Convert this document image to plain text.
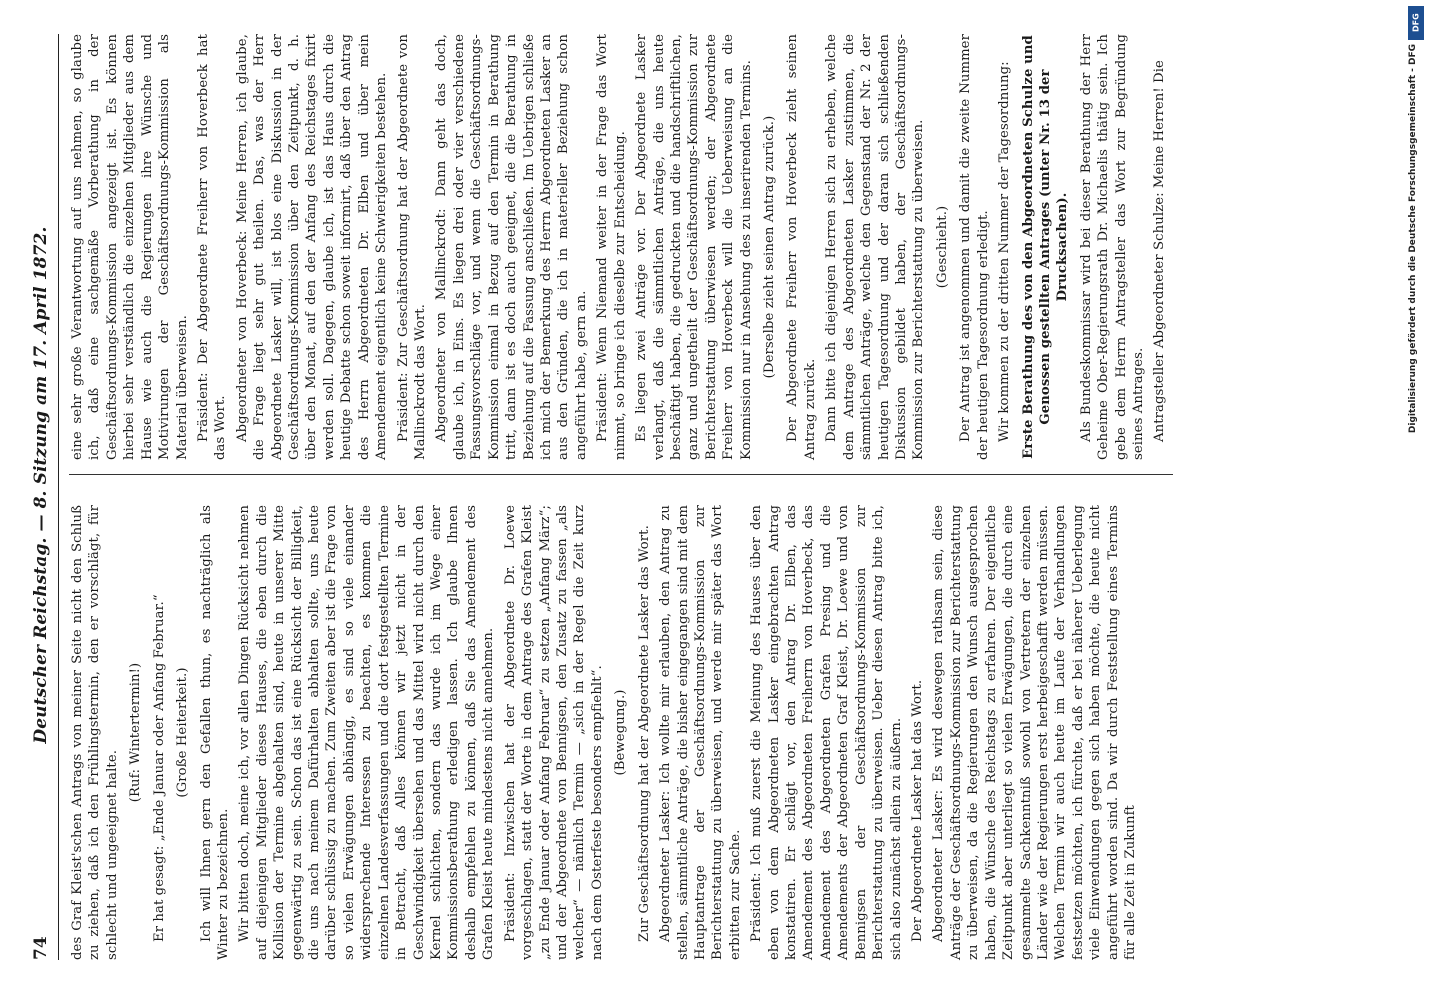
74
Deutscher Reichstag. — 8. Sitzung am 17. April 1872. des Graf Kleist'schen Antrags von meiner Seite nicht den Schluß zu ziehen, daß ich den Frühlingstermin, den er vorschlägt, für schlecht und ungeeignet halte.

(Ruf: Wintertermin!) Er hat gesagt: „Ende Januar oder Anfang Februar.“ (Große Heiterkeit.) Ich will Ihnen gern den Gefallen thun, es nachträglich als Winter zu bezeichnen. Wir bitten doch, meine ich, vor allen Dingen Rücksicht nehmen auf diejenigen Mitglieder dieses Hauses, die eben durch die Kollision der Termine abgehalten sind, heute in unserer Mitte gegenwärtig zu sein. Schon das ist eine Rücksicht der Billigkeit, die uns nach meinem Dafürhalten abhalten sollte, uns heute darüber schlüssig zu machen. Zum Zweiten aber ist die Frage von so vielen Erwägungen abhängig, es sind so viele einander widersprechende Interessen zu beachten, es kommen die einzelnen Landesverfassungen und die dort festgestellten Termine in Betracht, daß Alles können wir jetzt nicht in der Geschwindigkeit übersehen und das Mittel wird nicht durch den Kernel schlichten, sondern das wurde ich im Wege einer Kommissionsberathung erledigen lassen. Ich glaube Ihnen deshalb empfehlen zu können, daß Sie das Amendement des Grafen Kleist heute mindestens nicht annehmen. Präsident: Inzwischen hat der Abgeordnete Dr. Loewe vorgeschlagen, statt der Worte in dem Antrage des Grafen Kleist „zu Ende Januar oder Anfang Februar“ zu setzen „Anfang März“; und der Abgeordnete von Bennigsen, den Zusatz zu fassen „als welcher“ — nämlich Termin — „sich in der Regel die Zeit kurz nach dem Osterfeste besonders empfiehlt“. (Bewegung.) Zur Geschäftsordnung hat der Abgeordnete Lasker das Wort. Abgeordneter Lasker: Ich wollte mir erlauben, den Antrag zu stellen, sämmtliche Anträge, die bisher eingegangen sind mit dem Hauptantrage der Geschäftsordnungs-Kommission zur Berichterstattung zu überweisen, und werde mir später das Wort erbitten zur Sache. Präsident: Ich muß zuerst die Meinung des Hauses über den eben von dem Abgeordneten Lasker eingebrachten Antrag konstatiren. Er schlägt vor, den Antrag Dr. Elben, das Amendement des Abgeordneten Freiherrn von Hoverbeck, das Amendement des Abgeordneten Grafen Presing und die Amendements der Abgeordneten Graf Kleist, Dr. Loewe und von Bennigsen der Geschäftsordnungs-Kommission zur Berichterstattung zu überweisen. Ueber diesen Antrag bitte ich, sich also zunächst allein zu äußern. Der Abgeordnete Lasker hat das Wort. Abgeordneter Lasker: Es wird deswegen rathsam sein, diese Anträge der Geschäftsordnungs-Kommission zur Berichterstattung zu überweisen, da die Regierungen den Wunsch ausgesprochen haben, die Wünsche des Reichstags zu erfahren. Der eigentliche Zeitpunkt aber unterliegt so vielen Erwägungen, die durch eine gesammelte Sachkenntniß sowohl von Vertretern der einzelnen Länder wie der Regierungen erst herbeigeschafft werden müssen. Welchen Termin wir auch heute im Laufe der Verhandlungen festsetzen möchten, ich fürchte, daß er bei näherer Ueberlegung viele Einwendungen gegen sich haben möchte, die heute nicht angeführt worden sind. Da wir durch Feststellung eines Termins für alle Zeit in Zukunft

eine sehr große Verantwortung auf uns nehmen, so glaube ich, daß eine sachgemäße Vorberathung in der Geschäftsordnungs-Kommission angezeigt ist. Es können hierbei sehr verständlich die einzelnen Mitglieder aus dem Hause wie auch die Regierungen ihre Wünsche und Motivirungen der Geschäftsordnungs-Kommission als Material überweisen. Präsident: Der Abgeordnete Freiherr von Hoverbeck hat das Wort. Abgeordneter von Hoverbeck: Meine Herren, ich glaube, die Frage liegt sehr gut theilen. Das, was der Herr Abgeordnete Lasker will, ist blos eine Diskussion in der Geschäftsordnungs-Kommission über den Zeitpunkt, d. h. über den Monat, auf den der Anfang des Reichstages fixirt werden soll. Dagegen, glaube ich, ist das Haus durch die heutige Debatte schon soweit informirt, daß über den Antrag des Herrn Abgeordneten Dr. Elben und über mein Amendement eigentlich keine Schwierigkeiten bestehen. Präsident: Zur Geschäftsordnung hat der Abgeordnete von Mallinckrodt das Wort. Abgeordneter von Mallinckrodt: Dann geht das doch, glaube ich, in Eins. Es liegen drei oder vier verschiedene Fassungsvorschläge vor, und wenn die Geschäftsordnungs-Kommission einmal in Bezug auf den Termin in Berathung tritt, dann ist es doch auch geeignet, die die Berathung in Beziehung auf die Fassung anschließen. Im Uebrigen schließe ich mich der Bemerkung des Herrn Abgeordneten Lasker an aus den Gründen, die ich in materieller Beziehung schon angeführt habe, gern an. Präsident: Wenn Niemand weiter in der Frage das Wort nimmt, so bringe ich dieselbe zur Entscheidung. Es liegen zwei Anträge vor. Der Abgeordnete Lasker verlangt, daß die sämmtlichen Anträge, die uns heute beschäftigt haben, die gedruckten und die handschriftlichen, ganz und ungetheilt der Geschäftsordnungs-Kommission zur Berichterstattung überwiesen werden; der Abgeordnete Freiherr von Hoverbeck will die Ueberweisung an die Kommission nur in Ansehung des zu inserirenden Termins. (Derselbe zieht seinen Antrag zurück.) Der Abgeordnete Freiherr von Hoverbeck zieht seinen Antrag zurück. Dann bitte ich diejenigen Herren sich zu erheben, welche dem Antrage des Abgeordneten Lasker zustimmen, die sämmtlichen Anträge, welche den Gegenstand der Nr. 2 der heutigen Tagesordnung und der daran sich schließenden Diskussion gebildet haben, der Geschäftsordnungs-Kommission zur Berichterstattung zu überweisen. (Geschieht.) Der Antrag ist angenommen und damit die zweite Nummer der heutigen Tagesordnung erledigt. Wir kommen zu der dritten Nummer der Tagesordnung: Erste Berathung des von den Abgeordneten Schulze und Genossen gestellten Antrages (unter Nr. 13 der Drucksachen). Als Bundeskommissar wird bei dieser Berathung der Herr Geheime Ober-Regierungsrath Dr. Michaelis thätig sein. Ich gebe dem Herrn Antragsteller das Wort zur Begründung seines Antrages. Antragsteller Abgeordneter Schulze: Meine Herren! Die

DFG
Digitalisierung gefördert durch die Deutsche Forschungsgemeinschaft - DFG
